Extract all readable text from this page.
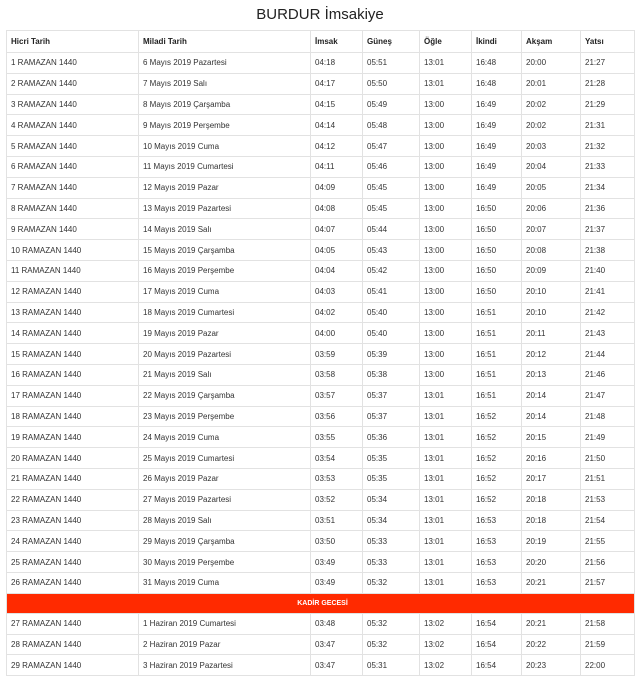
BURDUR İmsakiye
Hicri Tarih	Miladi Tarih	İmsak	Güneş	Öğle	İkindi	Akşam	Yatsı
1 RAMAZAN 1440	6 Mayıs 2019 Pazartesi	04:18	05:51	13:01	16:48	20:00	21:27
2 RAMAZAN 1440	7 Mayıs 2019 Salı	04:17	05:50	13:01	16:48	20:01	21:28
3 RAMAZAN 1440	8 Mayıs 2019 Çarşamba	04:15	05:49	13:00	16:49	20:02	21:29
4 RAMAZAN 1440	9 Mayıs 2019 Perşembe	04:14	05:48	13:00	16:49	20:02	21:31
5 RAMAZAN 1440	10 Mayıs 2019 Cuma	04:12	05:47	13:00	16:49	20:03	21:32
6 RAMAZAN 1440	11 Mayıs 2019 Cumartesi	04:11	05:46	13:00	16:49	20:04	21:33
7 RAMAZAN 1440	12 Mayıs 2019 Pazar	04:09	05:45	13:00	16:49	20:05	21:34
8 RAMAZAN 1440	13 Mayıs 2019 Pazartesi	04:08	05:45	13:00	16:50	20:06	21:36
9 RAMAZAN 1440	14 Mayıs 2019 Salı	04:07	05:44	13:00	16:50	20:07	21:37
10 RAMAZAN 1440	15 Mayıs 2019 Çarşamba	04:05	05:43	13:00	16:50	20:08	21:38
11 RAMAZAN 1440	16 Mayıs 2019 Perşembe	04:04	05:42	13:00	16:50	20:09	21:40
12 RAMAZAN 1440	17 Mayıs 2019 Cuma	04:03	05:41	13:00	16:50	20:10	21:41
13 RAMAZAN 1440	18 Mayıs 2019 Cumartesi	04:02	05:40	13:00	16:51	20:10	21:42
14 RAMAZAN 1440	19 Mayıs 2019 Pazar	04:00	05:40	13:00	16:51	20:11	21:43
15 RAMAZAN 1440	20 Mayıs 2019 Pazartesi	03:59	05:39	13:00	16:51	20:12	21:44
16 RAMAZAN 1440	21 Mayıs 2019 Salı	03:58	05:38	13:00	16:51	20:13	21:46
17 RAMAZAN 1440	22 Mayıs 2019 Çarşamba	03:57	05:37	13:01	16:51	20:14	21:47
18 RAMAZAN 1440	23 Mayıs 2019 Perşembe	03:56	05:37	13:01	16:52	20:14	21:48
19 RAMAZAN 1440	24 Mayıs 2019 Cuma	03:55	05:36	13:01	16:52	20:15	21:49
20 RAMAZAN 1440	25 Mayıs 2019 Cumartesi	03:54	05:35	13:01	16:52	20:16	21:50
21 RAMAZAN 1440	26 Mayıs 2019 Pazar	03:53	05:35	13:01	16:52	20:17	21:51
22 RAMAZAN 1440	27 Mayıs 2019 Pazartesi	03:52	05:34	13:01	16:52	20:18	21:53
23 RAMAZAN 1440	28 Mayıs 2019 Salı	03:51	05:34	13:01	16:53	20:18	21:54
24 RAMAZAN 1440	29 Mayıs 2019 Çarşamba	03:50	05:33	13:01	16:53	20:19	21:55
25 RAMAZAN 1440	30 Mayıs 2019 Perşembe	03:49	05:33	13:01	16:53	20:20	21:56
26 RAMAZAN 1440	31 Mayıs 2019 Cuma	03:49	05:32	13:01	16:53	20:21	21:57
KADİR GECESİ							
27 RAMAZAN 1440	1 Haziran 2019 Cumartesi	03:48	05:32	13:02	16:54	20:21	21:58
28 RAMAZAN 1440	2 Haziran 2019 Pazar	03:47	05:32	13:02	16:54	20:22	21:59
29 RAMAZAN 1440	3 Haziran 2019 Pazartesi	03:47	05:31	13:02	16:54	20:23	22:00
